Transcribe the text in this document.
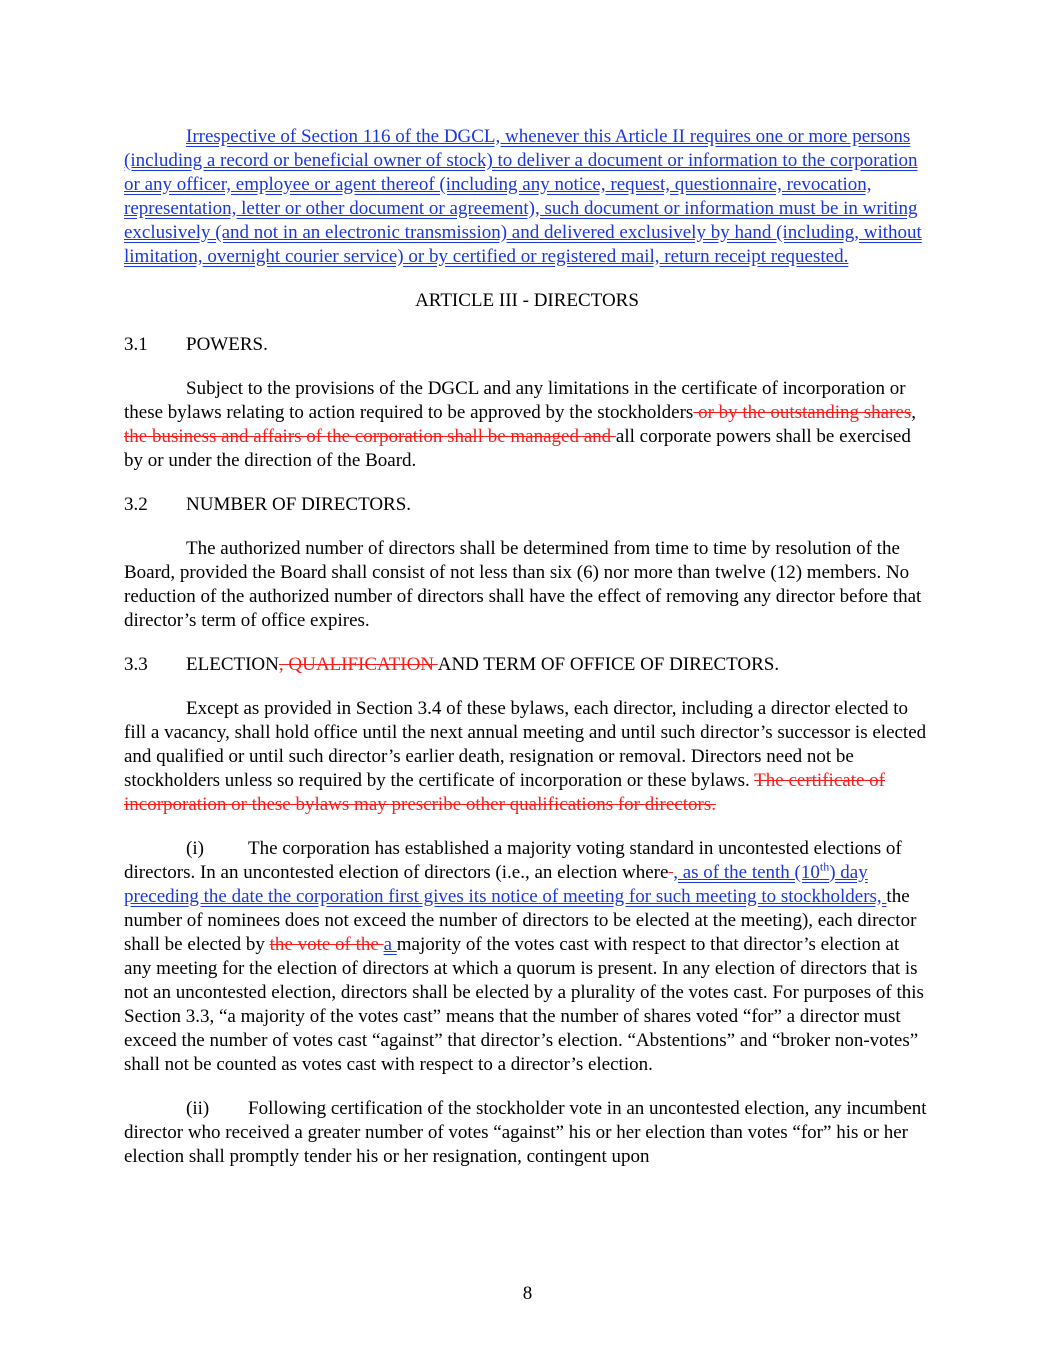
Irrespective of Section 116 of the DGCL, whenever this Article II requires one or more persons (including a record or beneficial owner of stock) to deliver a document or information to the corporation or any officer, employee or agent thereof (including any notice, request, questionnaire, revocation, representation, letter or other document or agreement), such document or information must be in writing exclusively (and not in an electronic transmission) and delivered exclusively by hand (including, without limitation, overnight courier service) or by certified or registered mail, return receipt requested.

ARTICLE III - DIRECTORS

3.1	POWERS.

Subject to the provisions of the DGCL and any limitations in the certificate of incorporation or these bylaws relating to action required to be approved by the stockholders or by the outstanding shares, the business and affairs of the corporation shall be managed and all corporate powers shall be exercised by or under the direction of the Board.

3.2	NUMBER OF DIRECTORS.

The authorized number of directors shall be determined from time to time by resolution of the Board, provided the Board shall consist of not less than six (6) nor more than twelve (12) members. No reduction of the authorized number of directors shall have the effect of removing any director before that director’s term of office expires.

3.3	ELECTION, QUALIFICATION AND TERM OF OFFICE OF DIRECTORS.

Except as provided in Section 3.4 of these bylaws, each director, including a director elected to fill a vacancy, shall hold office until the next annual meeting and until such director’s successor is elected and qualified or until such director’s earlier death, resignation or removal. Directors need not be stockholders unless so required by the certificate of incorporation or these bylaws. The certificate of incorporation or these bylaws may prescribe other qualifications for directors.

(i) The corporation has established a majority voting standard in uncontested elections of directors. In an uncontested election of directors (i.e., an election where , as of the tenth (10th) day preceding the date the corporation first gives its notice of meeting for such meeting to stockholders, the number of nominees does not exceed the number of directors to be elected at the meeting), each director shall be elected by the vote of the a majority of the votes cast with respect to that director’s election at any meeting for the election of directors at which a quorum is present. In any election of directors that is not an uncontested election, directors shall be elected by a plurality of the votes cast. For purposes of this Section 3.3, “a majority of the votes cast” means that the number of shares voted “for” a director must exceed the number of votes cast “against” that director’s election. “Abstentions” and “broker non-votes” shall not be counted as votes cast with respect to a director’s election.

(ii) Following certification of the stockholder vote in an uncontested election, any incumbent director who received a greater number of votes “against” his or her election than votes “for” his or her election shall promptly tender his or her resignation, contingent upon

8
